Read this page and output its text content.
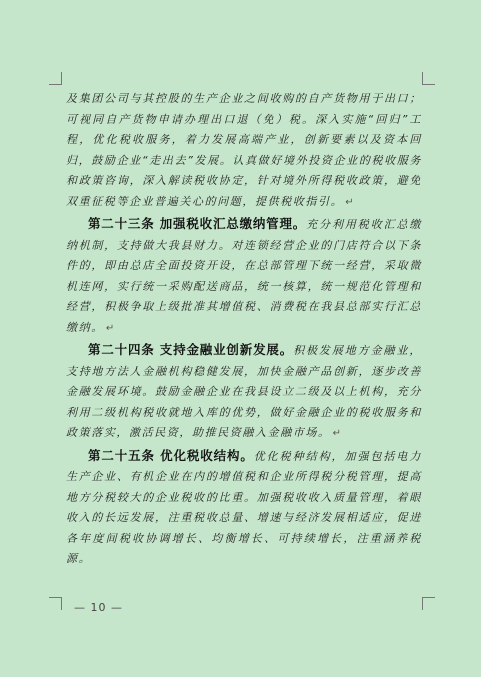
及集团公司与其控股的生产企业之间收购的自产货物用于出口；可视同自产货物申请办理出口退（免）税。深入实施“回归”工程，优化税收服务，着力发展高端产业，创新要素以及资本回归，鼓励企业“走出去”发展。认真做好境外投资企业的税收服务和政策咨询，深入解读税收协定，针对境外所得税收政策，避免双重征税等企业普遍关心的问题，提供税收指引。 ↵

第二十三条 加强税收汇总缴纳管理。充分利用税收汇总缴纳机制，支持做大我县财力。对连锁经营企业的门店符合以下条件的，即由总店全面投资开设，在总部管理下统一经营，采取微机连网，实行统一采购配送商品，统一核算，统一规范化管理和经营，积极争取上级批准其增值税、消费税在我县总部实行汇总缴纳。 ↵

第二十四条 支持金融业创新发展。积极发展地方金融业，支持地方法人金融机构稳健发展，加快金融产品创新，逐步改善金融发展环境。鼓励金融企业在我县设立二级及以上机构，充分利用二级机构税收就地入库的优势，做好金融企业的税收服务和政策落实，激活民资，助推民资融入金融市场。 ↵

第二十五条 优化税收结构。优化税种结构，加强包括电力生产企业、有机企业在内的增值税和企业所得税分税管理，提高地方分税较大的企业税收的比重。加强税收收入质量管理，着眼收入的长远发展，注重税收总量、增速与经济发展相适应，促进各年度间税收协调增长、均衡增长、可持续增长，注重涵养税源。

— 10 —
